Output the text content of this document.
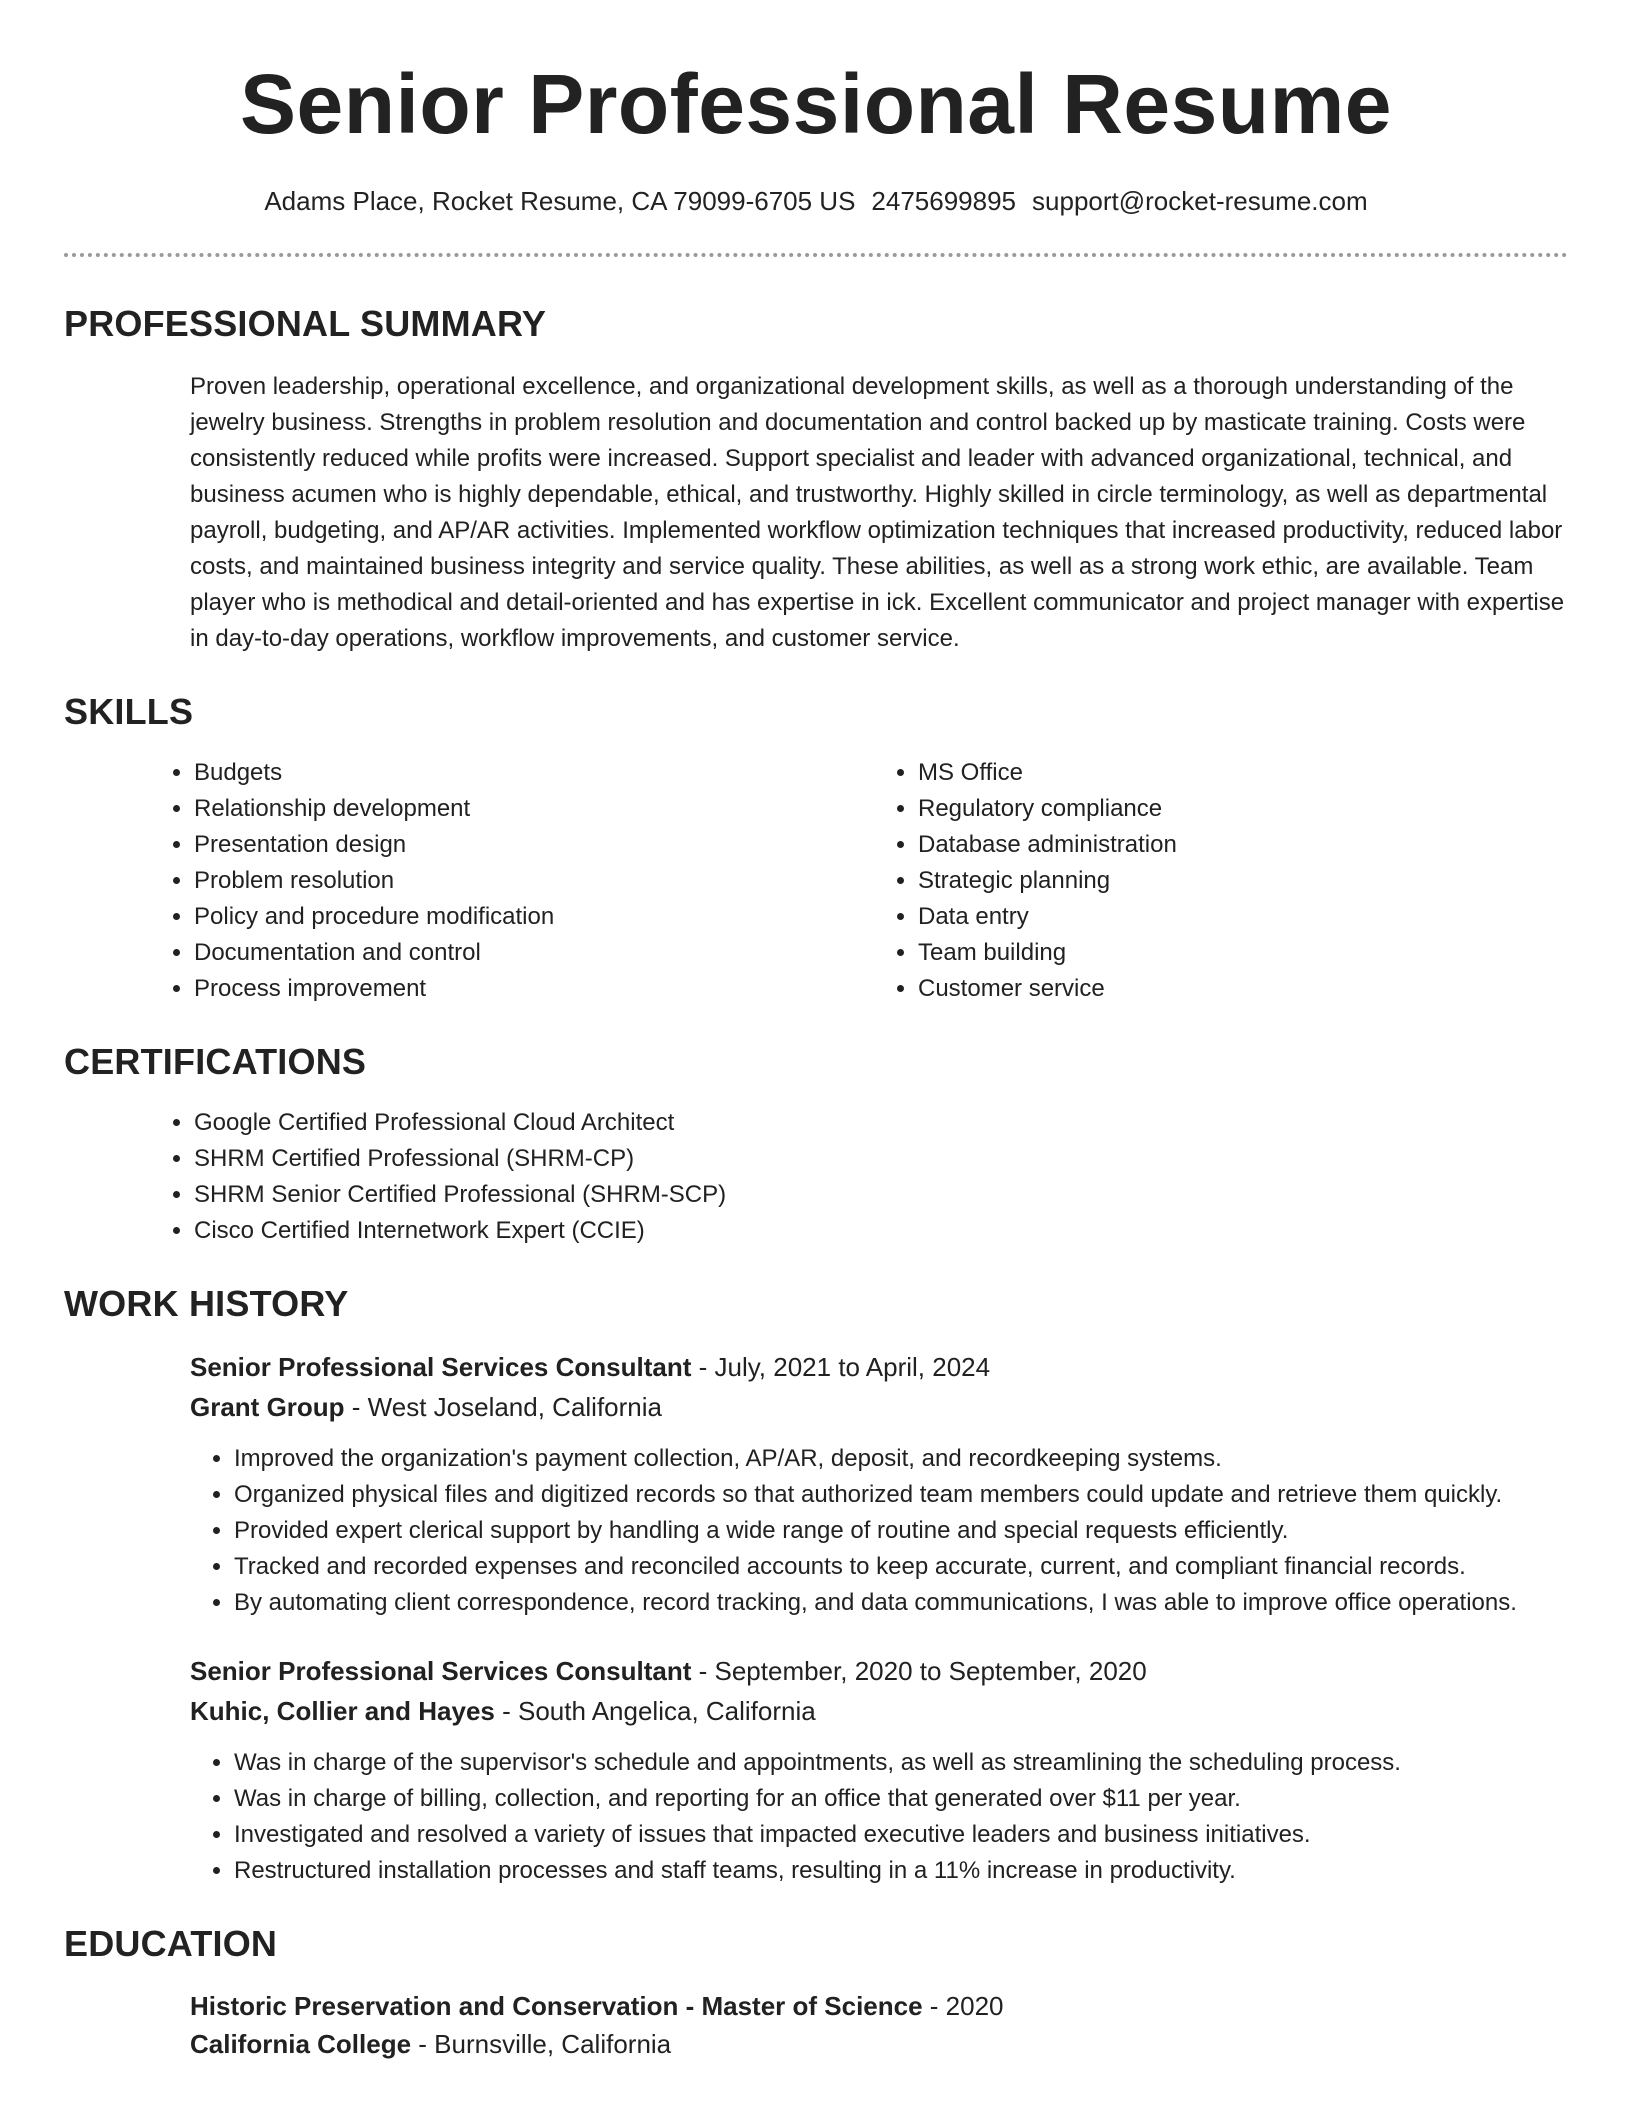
Senior Professional Resume
Adams Place, Rocket Resume, CA 79099-6705 US 2475699895 support@rocket-resume.com
PROFESSIONAL SUMMARY

Proven leadership, operational excellence, and organizational development skills, as well as a thorough understanding of the jewelry business. Strengths in problem resolution and documentation and control backed up by masticate training. Costs were consistently reduced while profits were increased. Support specialist and leader with advanced organizational, technical, and business acumen who is highly dependable, ethical, and trustworthy. Highly skilled in circle terminology, as well as departmental payroll, budgeting, and AP/AR activities. Implemented workflow optimization techniques that increased productivity, reduced labor costs, and maintained business integrity and service quality. These abilities, as well as a strong work ethic, are available. Team player who is methodical and detail-oriented and has expertise in ick. Excellent communicator and project manager with expertise in day-to-day operations, workflow improvements, and customer service.

SKILLS
• Budgets
• Relationship development
• Presentation design
• Problem resolution
• Policy and procedure modification
• Documentation and control
• Process improvement
• MS Office
• Regulatory compliance
• Database administration
• Strategic planning
• Data entry
• Team building
• Customer service
CERTIFICATIONS
• Google Certified Professional Cloud Architect
• SHRM Certified Professional (SHRM-CP)
• SHRM Senior Certified Professional (SHRM-SCP)
• Cisco Certified Internetwork Expert (CCIE)
WORK HISTORY
Senior Professional Services Consultant - July, 2021 to April, 2024
Grant Group - West Joseland, California
• Improved the organization's payment collection, AP/AR, deposit, and recordkeeping systems.
• Organized physical files and digitized records so that authorized team members could update and retrieve them quickly.
• Provided expert clerical support by handling a wide range of routine and special requests efficiently.
• Tracked and recorded expenses and reconciled accounts to keep accurate, current, and compliant financial records.
• By automating client correspondence, record tracking, and data communications, I was able to improve office operations.
Senior Professional Services Consultant - September, 2020 to September, 2020
Kuhic, Collier and Hayes - South Angelica, California
• Was in charge of the supervisor's schedule and appointments, as well as streamlining the scheduling process.
• Was in charge of billing, collection, and reporting for an office that generated over $11 per year.
• Investigated and resolved a variety of issues that impacted executive leaders and business initiatives.
• Restructured installation processes and staff teams, resulting in a 11% increase in productivity.
EDUCATION
Historic Preservation and Conservation - Master of Science - 2020
California College - Burnsville, California
